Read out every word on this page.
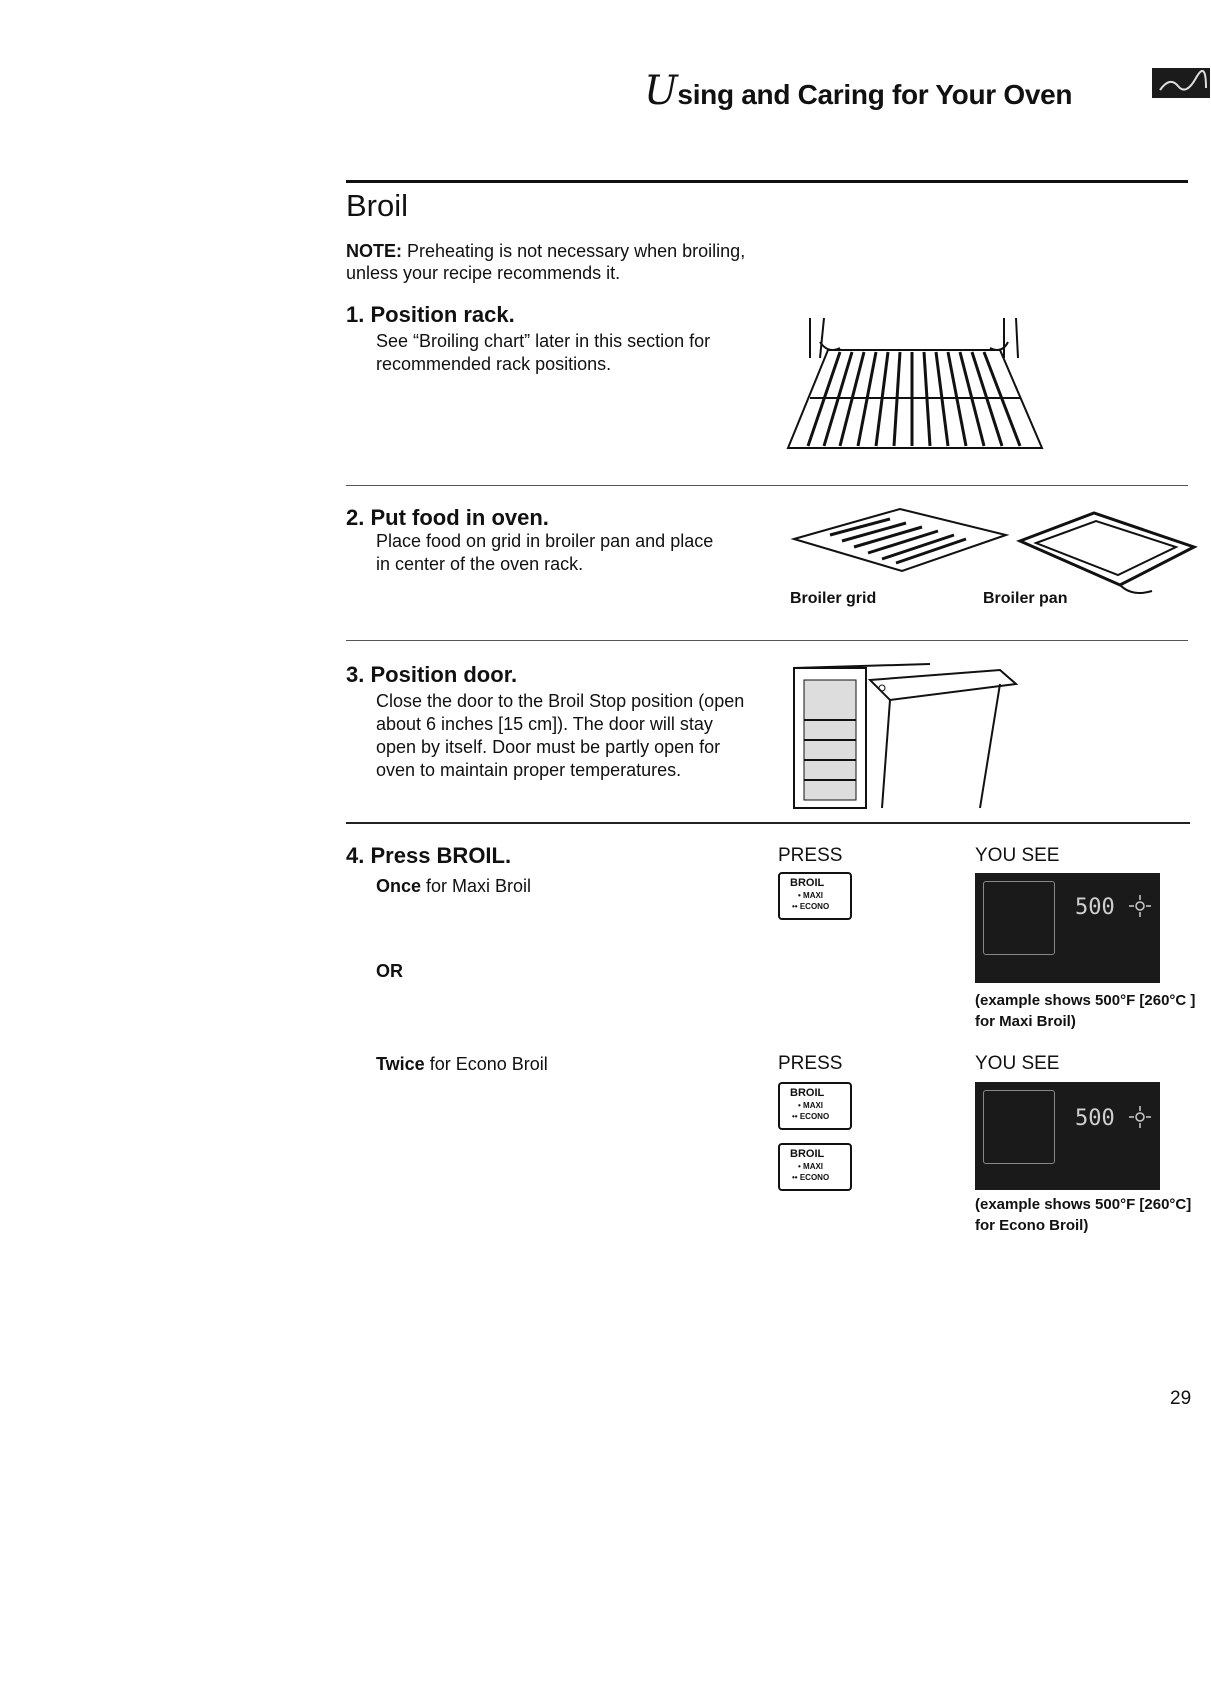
Using and Caring for Your Oven
Broil
NOTE: Preheating is not necessary when broiling, unless your recipe recommends it.
1. Position rack.
See “Broiling chart” later in this section for recommended rack positions.
2. Put food in oven.
Place food on grid in broiler pan and place in center of the oven rack.
Broiler grid	Broiler pan
3. Position door.
Close the door to the Broil Stop position (open about 6 inches [15 cm]). The door will stay open by itself. Door must be partly open for oven to maintain proper temperatures.
4. Press BROIL.
Once for Maxi Broil
OR
Twice for Econo Broil
PRESS
BROIL
• MAXI
•• ECONO
YOU SEE
500
(example shows 500°F [260°C ] for Maxi Broil)
PRESS
BROIL
• MAXI
•• ECONO
BROIL
• MAXI
•• ECONO
YOU SEE
500
(example shows 500°F [260°C] for Econo Broil)
29
